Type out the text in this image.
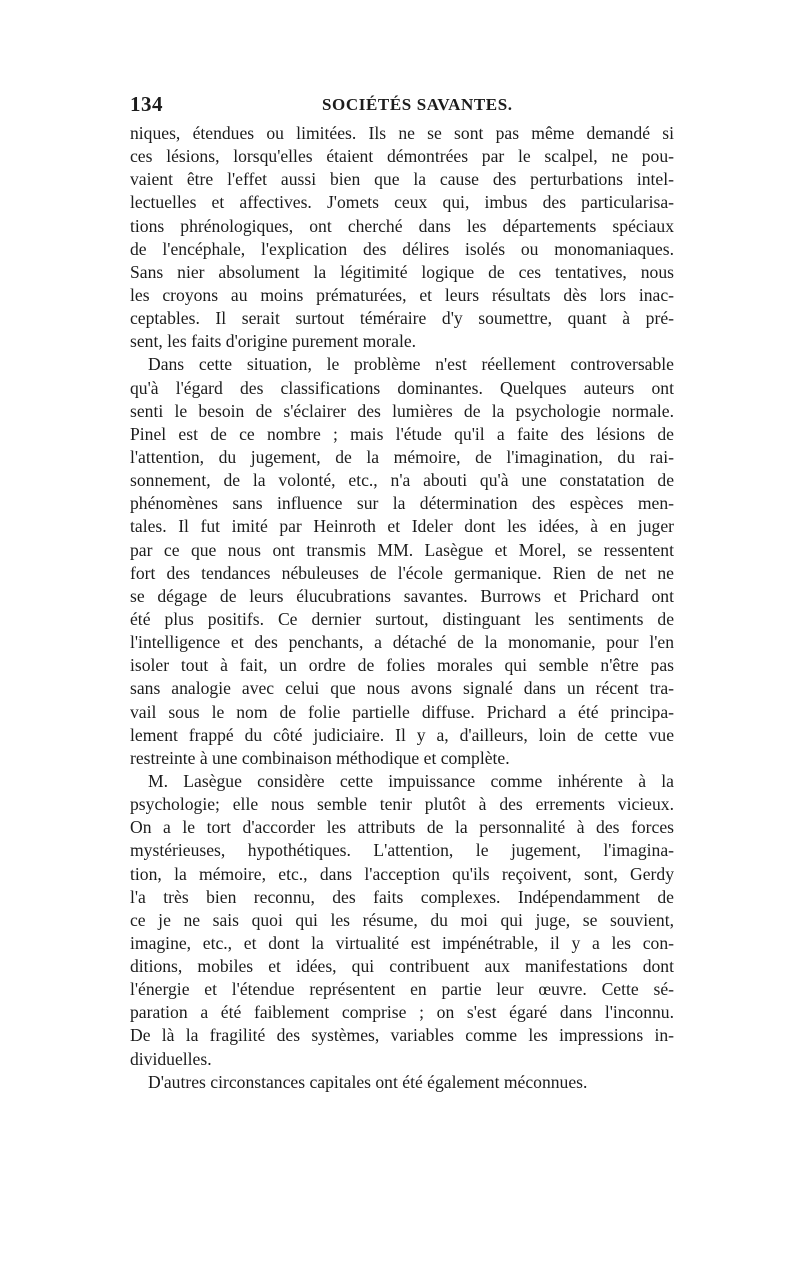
134	SOCIÉTÉS SAVANTES.
niques, étendues ou limitées. Ils ne se sont pas même demandé si
ces lésions, lorsqu'elles étaient démontrées par le scalpel, ne pou-
vaient être l'effet aussi bien que la cause des perturbations intel-
lectuelles et affectives. J'omets ceux qui, imbus des particularisa-
tions phrénologiques, ont cherché dans les départements spéciaux
de l'encéphale, l'explication des délires isolés ou monomaniaques.
Sans nier absolument la légitimité logique de ces tentatives, nous
les croyons au moins prématurées, et leurs résultats dès lors inac-
ceptables. Il serait surtout téméraire d'y soumettre, quant à pré-
sent, les faits d'origine purement morale.
Dans cette situation, le problème n'est réellement controversable
qu'à l'égard des classifications dominantes. Quelques auteurs ont
senti le besoin de s'éclairer des lumières de la psychologie normale.
Pinel est de ce nombre ; mais l'étude qu'il a faite des lésions de
l'attention, du jugement, de la mémoire, de l'imagination, du rai-
sonnement, de la volonté, etc., n'a abouti qu'à une constatation de
phénomènes sans influence sur la détermination des espèces men-
tales. Il fut imité par Heinroth et Ideler dont les idées, à en juger
par ce que nous ont transmis MM. Lasègue et Morel, se ressentent
fort des tendances nébuleuses de l'école germanique. Rien de net ne
se dégage de leurs élucubrations savantes. Burrows et Prichard ont
été plus positifs. Ce dernier surtout, distinguant les sentiments de
l'intelligence et des penchants, a détaché de la monomanie, pour l'en
isoler tout à fait, un ordre de folies morales qui semble n'être pas
sans analogie avec celui que nous avons signalé dans un récent tra-
vail sous le nom de folie partielle diffuse. Prichard a été principa-
lement frappé du côté judiciaire. Il y a, d'ailleurs, loin de cette vue
restreinte à une combinaison méthodique et complète.
M. Lasègue considère cette impuissance comme inhérente à la
psychologie; elle nous semble tenir plutôt à des errements vicieux.
On a le tort d'accorder les attributs de la personnalité à des forces
mystérieuses, hypothétiques. L'attention, le jugement, l'imagina-
tion, la mémoire, etc., dans l'acception qu'ils reçoivent, sont, Gerdy
l'a très bien reconnu, des faits complexes. Indépendamment de
ce je ne sais quoi qui les résume, du moi qui juge, se souvient,
imagine, etc., et dont la virtualité est impénétrable, il y a les con-
ditions, mobiles et idées, qui contribuent aux manifestations dont
l'énergie et l'étendue représentent en partie leur œuvre. Cette sé-
paration a été faiblement comprise ; on s'est égaré dans l'inconnu.
De là la fragilité des systèmes, variables comme les impressions in-
dividuelles.
D'autres circonstances capitales ont été également méconnues.
